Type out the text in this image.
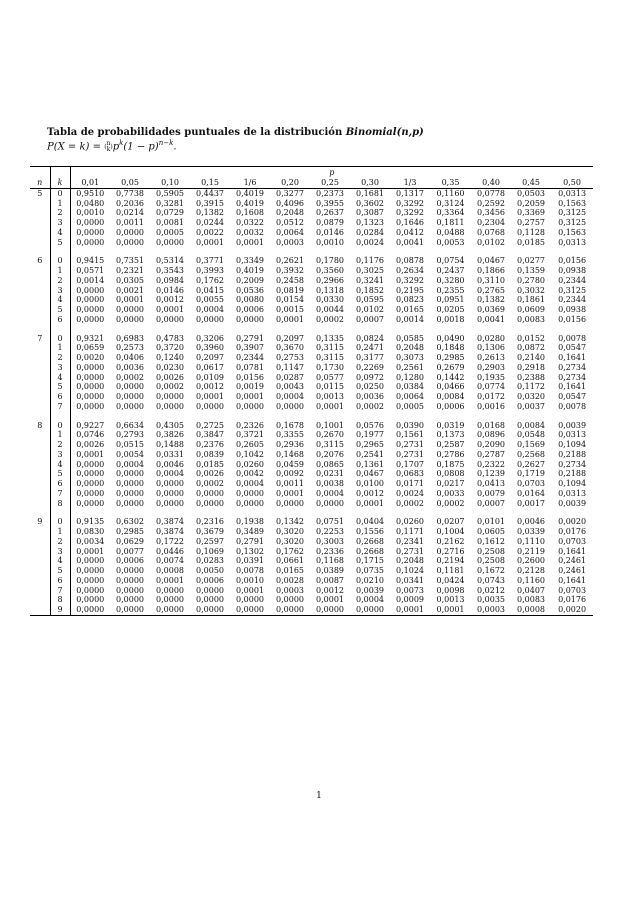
Tabla de probabilidades puntuales de la distribución Binomial(n,p)
P(X = k) = ( n
k )$p^k(1 - p)^{n-k}$.
		p												
n	k	0,01	0,05	0,10	0,15	1/6	0,20	0,25	0,30	1/3	0,35	0,40	0,45	0,50
5	0	0,9510	0,7738	0,5905	0,4437	0,4019	0,3277	0,2373	0,1681	0,1317	0,1160	0,0778	0,0503	0,0313
	1	0,0480	0,2036	0,3281	0,3915	0,4019	0,4096	0,3955	0,3602	0,3292	0,3124	0,2592	0,2059	0,1563
	2	0,0010	0,0214	0,0729	0,1382	0,1608	0,2048	0,2637	0,3087	0,3292	0,3364	0,3456	0,3369	0,3125
	3	0,0000	0,0011	0,0081	0,0244	0,0322	0,0512	0,0879	0,1323	0,1646	0,1811	0,2304	0,2757	0,3125
	4	0,0000	0,0000	0,0005	0,0022	0,0032	0,0064	0,0146	0,0284	0,0412	0,0488	0,0768	0,1128	0,1563
	5	0,0000	0,0000	0,0000	0,0001	0,0001	0,0003	0,0010	0,0024	0,0041	0,0053	0,0102	0,0185	0,0313

6	0	0,9415	0,7351	0,5314	0,3771	0,3349	0,2621	0,1780	0,1176	0,0878	0,0754	0,0467	0,0277	0,0156
	1	0,0571	0,2321	0,3543	0,3993	0,4019	0,3932	0,3560	0,3025	0,2634	0,2437	0,1866	0,1359	0,0938
	2	0,0014	0,0305	0,0984	0,1762	0,2009	0,2458	0,2966	0,3241	0,3292	0,3280	0,3110	0,2780	0,2344
	3	0,0000	0,0021	0,0146	0,0415	0,0536	0,0819	0,1318	0,1852	0,2195	0,2355	0,2765	0,3032	0,3125
	4	0,0000	0,0001	0,0012	0,0055	0,0080	0,0154	0,0330	0,0595	0,0823	0,0951	0,1382	0,1861	0,2344
	5	0,0000	0,0000	0,0001	0,0004	0,0006	0,0015	0,0044	0,0102	0,0165	0,0205	0,0369	0,0609	0,0938
	6	0,0000	0,0000	0,0000	0,0000	0,0000	0,0001	0,0002	0,0007	0,0014	0,0018	0,0041	0,0083	0,0156

7	0	0,9321	0,6983	0,4783	0,3206	0,2791	0,2097	0,1335	0,0824	0,0585	0,0490	0,0280	0,0152	0,0078
	1	0,0659	0,2573	0,3720	0,3960	0,3907	0,3670	0,3115	0,2471	0,2048	0,1848	0,1306	0,0872	0,0547
	2	0,0020	0,0406	0,1240	0,2097	0,2344	0,2753	0,3115	0,3177	0,3073	0,2985	0,2613	0,2140	0,1641
	3	0,0000	0,0036	0,0230	0,0617	0,0781	0,1147	0,1730	0,2269	0,2561	0,2679	0,2903	0,2918	0,2734
	4	0,0000	0,0002	0,0026	0,0109	0,0156	0,0287	0,0577	0,0972	0,1280	0,1442	0,1935	0,2388	0,2734
	5	0,0000	0,0000	0,0002	0,0012	0,0019	0,0043	0,0115	0,0250	0,0384	0,0466	0,0774	0,1172	0,1641
	6	0,0000	0,0000	0,0000	0,0001	0,0001	0,0004	0,0013	0,0036	0,0064	0,0084	0,0172	0,0320	0,0547
	7	0,0000	0,0000	0,0000	0,0000	0,0000	0,0000	0,0001	0,0002	0,0005	0,0006	0,0016	0,0037	0,0078

8	0	0,9227	0,6634	0,4305	0,2725	0,2326	0,1678	0,1001	0,0576	0,0390	0,0319	0,0168	0,0084	0,0039
	1	0,0746	0,2793	0,3826	0,3847	0,3721	0,3355	0,2670	0,1977	0,1561	0,1373	0,0896	0,0548	0,0313
	2	0,0026	0,0515	0,1488	0,2376	0,2605	0,2936	0,3115	0,2965	0,2731	0,2587	0,2090	0,1569	0,1094
	3	0,0001	0,0054	0,0331	0,0839	0,1042	0,1468	0,2076	0,2541	0,2731	0,2786	0,2787	0,2568	0,2188
	4	0,0000	0,0004	0,0046	0,0185	0,0260	0,0459	0,0865	0,1361	0,1707	0,1875	0,2322	0,2627	0,2734
	5	0,0000	0,0000	0,0004	0,0026	0,0042	0,0092	0,0231	0,0467	0,0683	0,0808	0,1239	0,1719	0,2188
	6	0,0000	0,0000	0,0000	0,0002	0,0004	0,0011	0,0038	0,0100	0,0171	0,0217	0,0413	0,0703	0,1094
	7	0,0000	0,0000	0,0000	0,0000	0,0000	0,0001	0,0004	0,0012	0,0024	0,0033	0,0079	0,0164	0,0313
	8	0,0000	0,0000	0,0000	0,0000	0,0000	0,0000	0,0000	0,0001	0,0002	0,0002	0,0007	0,0017	0,0039

9	0	0,9135	0,6302	0,3874	0,2316	0,1938	0,1342	0,0751	0,0404	0,0260	0,0207	0,0101	0,0046	0,0020
	1	0,0830	0,2985	0,3874	0,3679	0,3489	0,3020	0,2253	0,1556	0,1171	0,1004	0,0605	0,0339	0,0176
	2	0,0034	0,0629	0,1722	0,2597	0,2791	0,3020	0,3003	0,2668	0,2341	0,2162	0,1612	0,1110	0,0703
	3	0,0001	0,0077	0,0446	0,1069	0,1302	0,1762	0,2336	0,2668	0,2731	0,2716	0,2508	0,2119	0,1641
	4	0,0000	0,0006	0,0074	0,0283	0,0391	0,0661	0,1168	0,1715	0,2048	0,2194	0,2508	0,2600	0,2461
	5	0,0000	0,0000	0,0008	0,0050	0,0078	0,0165	0,0389	0,0735	0,1024	0,1181	0,1672	0,2128	0,2461
	6	0,0000	0,0000	0,0001	0,0006	0,0010	0,0028	0,0087	0,0210	0,0341	0,0424	0,0743	0,1160	0,1641
	7	0,0000	0,0000	0,0000	0,0000	0,0001	0,0003	0,0012	0,0039	0,0073	0,0098	0,0212	0,0407	0,0703
	8	0,0000	0,0000	0,0000	0,0000	0,0000	0,0000	0,0001	0,0004	0,0009	0,0013	0,0035	0,0083	0,0176
	9	0,0000	0,0000	0,0000	0,0000	0,0000	0,0000	0,0000	0,0000	0,0001	0,0001	0,0003	0,0008	0,0020
1
